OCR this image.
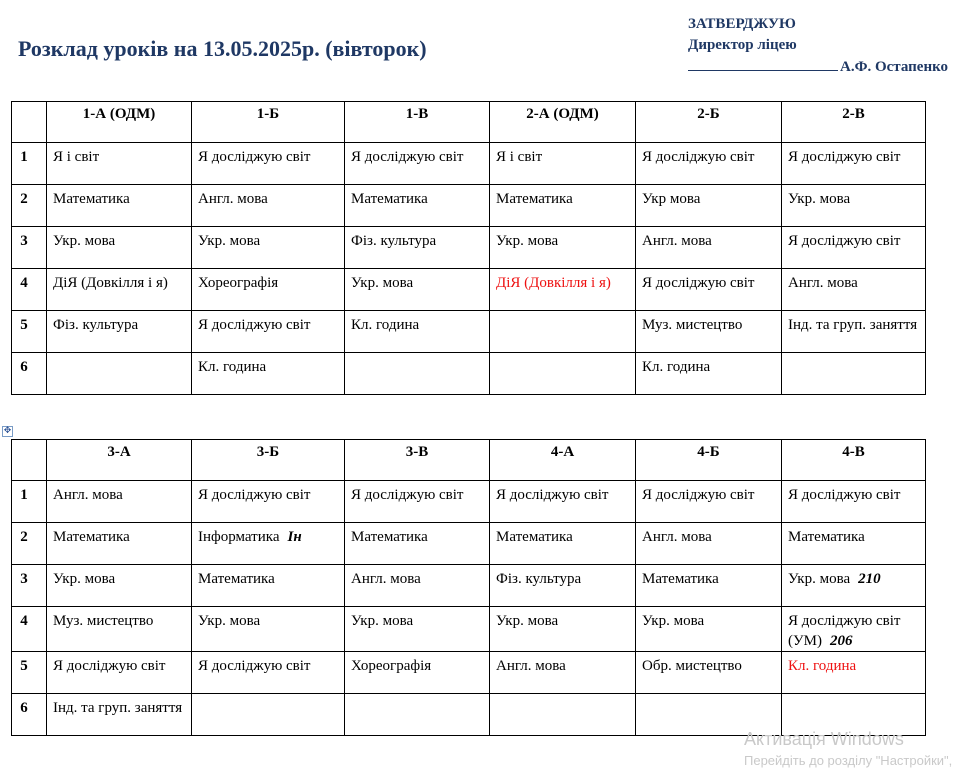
Розклад уроків на 13.05.2025р. (вівторок)
ЗАТВЕРДЖУЮ
Директор ліцею
А.Ф. Остапенко
	1-А (ОДМ)	1-Б	1-В	2-А (ОДМ)	2-Б	2-В
1	Я і світ	Я досліджую світ	Я досліджую світ	Я і світ	Я досліджую світ	Я досліджую світ
2	Математика	Англ. мова	Математика	Математика	Укр мова	Укр. мова
3	Укр. мова	Укр. мова	Фіз. культура	Укр. мова	Англ. мова	Я досліджую світ
4	ДіЯ (Довкілля і я)	Хореографія	Укр. мова	ДіЯ (Довкілля і я)	Я досліджую світ	Англ. мова
5	Фіз. культура	Я досліджую світ	Кл. година		Муз. мистецтво	Інд. та груп. заняття
6		Кл. година			Кл. година	
✥
	3-А	3-Б	3-В	4-А	4-Б	4-В
1	Англ. мова	Я досліджую світ	Я досліджую світ	Я досліджую світ	Я досліджую світ	Я досліджую світ
2	Математика	Інформатика Ін	Математика	Математика	Англ. мова	Математика
3	Укр. мова	Математика	Англ. мова	Фіз. культура	Математика	Укр. мова 210
4	Муз. мистецтво	Укр. мова	Укр. мова	Укр. мова	Укр. мова	Я досліджую світ (УМ) 206
5	Я досліджую світ	Я досліджую світ	Хореографія	Англ. мова	Обр. мистецтво	Кл. година
6	Інд. та груп. заняття					
Активація Windows
Перейдіть до розділу "Настройки",
